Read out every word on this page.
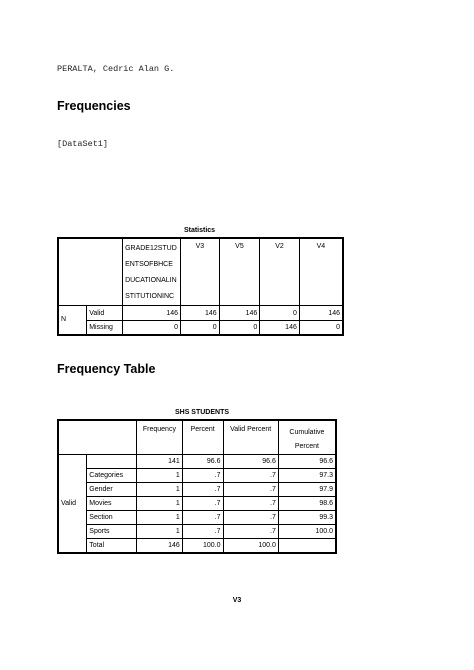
PERALTA, Cedric Alan G.
Frequencies
[DataSet1]
Statistics
		GRADE12STUD
ENTSOFBHCE
DUCATIONALIN
STITUTIONINC	V3	V5	V2	V4
N	Valid	146	146	146	0	146
	Missing	0	0	0	146	0
Frequency Table
SHS STUDENTS
		Frequency	Percent	Valid Percent	Cumulative
Percent
Valid		141	96.6	96.6	96.6
	Categories	1	.7	.7	97.3
	Gender	1	.7	.7	97.9
	Movies	1	.7	.7	98.6
	Section	1	.7	.7	99.3
	Sports	1	.7	.7	100.0
	Total	146	100.0	100.0	
V3
